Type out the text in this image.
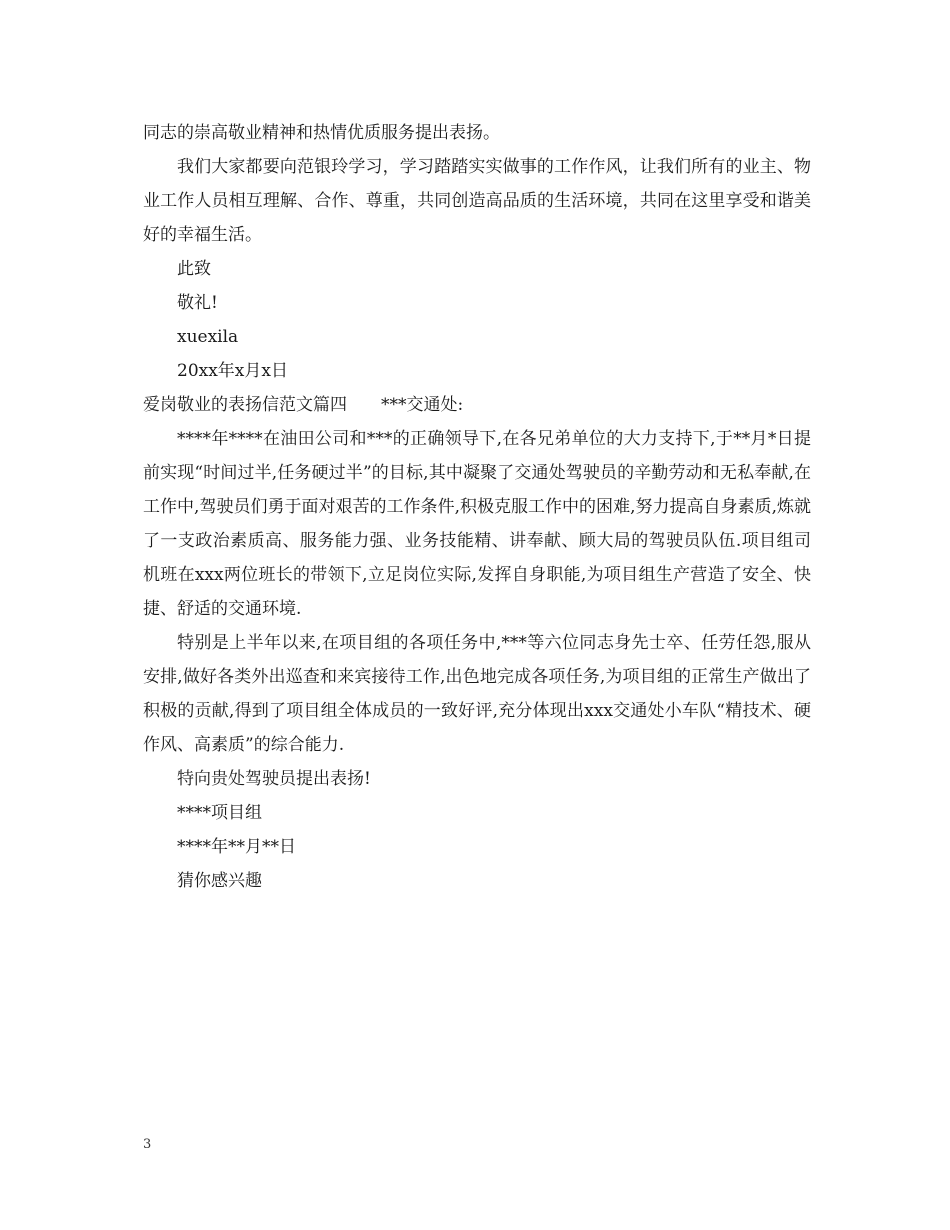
同志的崇高敬业精神和热情优质服务提出表扬。

我们大家都要向范银玲学习，学习踏踏实实做事的工作作风，让我们所有的业主、物业工作人员相互理解、合作、尊重，共同创造高品质的生活环境，共同在这里享受和谐美好的幸福生活。

此致

敬礼!

xuexila

20xx年x月x日

爱岗敬业的表扬信范文篇四　　***交通处:

****年****在油田公司和***的正确领导下,在各兄弟单位的大力支持下,于**月*日提前实现“时间过半,任务硬过半”的目标,其中凝聚了交通处驾驶员的辛勤劳动和无私奉献,在工作中,驾驶员们勇于面对艰苦的工作条件,积极克服工作中的困难,努力提高自身素质,炼就了一支政治素质高、服务能力强、业务技能精、讲奉献、顾大局的驾驶员队伍.项目组司机班在xxx两位班长的带领下,立足岗位实际,发挥自身职能,为项目组生产营造了安全、快捷、舒适的交通环境.

特别是上半年以来,在项目组的各项任务中,***等六位同志身先士卒、任劳任怨,服从安排,做好各类外出巡查和来宾接待工作,出色地完成各项任务,为项目组的正常生产做出了积极的贡献,得到了项目组全体成员的一致好评,充分体现出xxx交通处小车队“精技术、硬作风、高素质”的综合能力.

特向贵处驾驶员提出表扬!

****项目组

****年**月**日

猜你感兴趣

3
